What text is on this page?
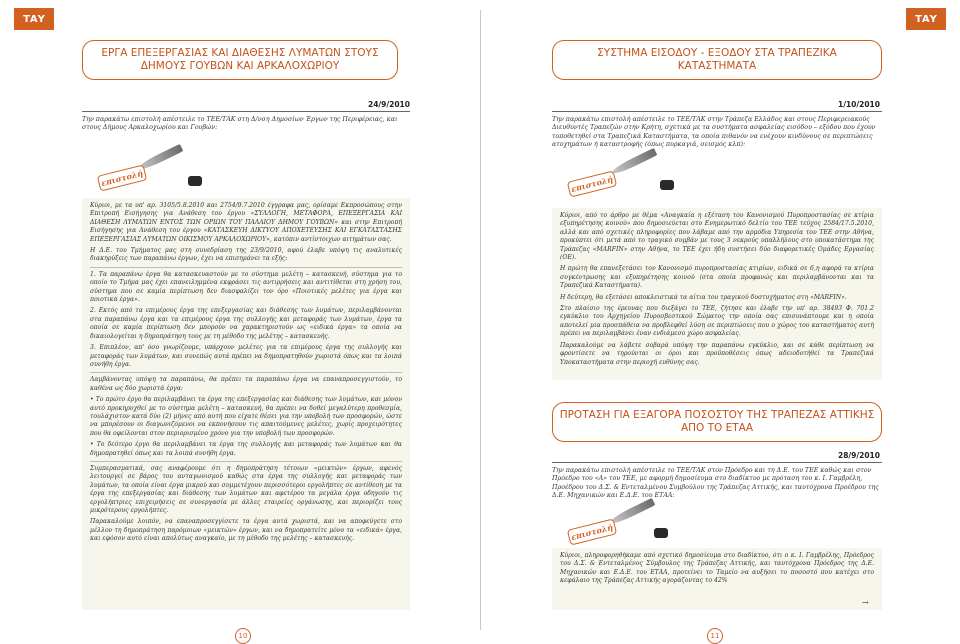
ΤΑΥ	ΤΑΥ
ΕΡΓΑ ΕΠΕΞΕΡΓΑΣΙΑΣ ΚΑΙ ΔΙΑΘΕΣΗΣ ΛΥΜΑΤΩΝ ΣΤΟΥΣ ΔΗΜΟΥΣ ΓΟΥΒΩΝ ΚΑΙ ΑΡΚΑΛΟΧΩΡΙΟΥ
24/9/2010
Την παρακάτω επιστολή απέστειλε το ΤΕΕ/ΤΑΚ στη Δ/νση Δημοσίων Έργων της Περιφέρειας, και στους Δήμους Αρκαλοχωρίου και Γουβών:
επιστολή

Κύριοι, με τα υπ' αρ. 3105/5.8.2010 και 2754/9.7.2010 έγγραφα μας, ορίσαμε Εκπροσώπους στην Επιτροπή Εισήγησης για Ανάθεση του έργου «ΣΥΛΛΟΓΗ, ΜΕΤΑΦΟΡΑ, ΕΠΕΞΕΡΓΑΣΙΑ ΚΑΙ ΔΙΑΘΕΣΗ ΛΥΜΑΤΩΝ ΕΝΤΟΣ ΤΩΝ ΟΡΙΩΝ ΤΟΥ ΠΑΛΑΙΟΥ ΔΗΜΟΥ ΓΟΥΒΩΝ» και στην Επιτροπή Εισήγησης για Ανάθεση του έργου «ΚΑΤΑΣΚΕΥΗ ΔΙΚΤΥΟΥ ΑΠΟΧΕΤΕΥΣΗΣ ΚΑΙ ΕΓΚΑΤΑΣΤΑΣΗΣ ΕΠΕΞΕΡΓΑΣΙΑΣ ΛΥΜΑΤΩΝ ΟΙΚΙΣΜΟΥ ΑΡΚΑΛΟΧΩΡΙΟΥ», κατόπιν αντίστοιχων αιτημάτων σας.

Η Δ.Ε. του Τμήματος μας στη συνεδρίαση της 23/9/2010, αφού έλαβε υπόψη τις αναλυτικές διακηρύξεις των παραπάνω έργων, έχει να επισημάνει τα εξής:

1. Τα παραπάνω έργα θα κατασκευαστούν με το σύστημα μελέτη – κατασκευή, σύστημα για το οποίο το Τμήμα μας έχει επανειλημμένα εκφράσει τις αντιρρήσεις και αντιτίθεται στη χρήση του, σύστημα που σε καμία περίπτωση δεν διασφαλίζει τον όρο «Ποιοτικές μελέτες για έργα και ποιοτικά έργα».

2. Εκτός από τα επιμέρους έργα της επεξεργασίας και διάθεσης των λυμάτων, περιλαμβάνονται στα παραπάνω έργα και τα επιμέρους έργα της συλλογής και μεταφοράς των λυμάτων, έργα τα οποία σε καμία περίπτωση δεν μπορούν να χαρακτηριστούν ως «ειδικά έργα» τα οποία να δικαιολογείται η δημοπράτηση τους με τη μέθοδο της μελέτης – κατασκευής.

3. Επιπλέον, απ' όσο γνωρίζουμε, υπάρχουν μελέτες για τα επιμέρους έργα της συλλογής και μεταφοράς των λυμάτων, και συνεπώς αυτά πρέπει να δημοπρατηθούν χωριστά όπως και τα λοιπά συνήθη έργα.

Λαμβάνοντας υπόψη τα παραπάνω, θα πρέπει τα παραπάνω έργα να επαναπροσεγγιστούν, το καθένα ως δύο χωριστά έργα:

• Το πρώτο έργο θα περιλαμβάνει τα έργα της επεξεργασίας και διάθεσης των λυμάτων, και μόνον αυτό προκηρυχθεί με το σύστημα μελέτη – κατασκευή, θα πρέπει να δοθεί μεγαλύτερη προθεσμία, τουλάχιστον κατά δύο (2) μήνες από αυτή που είχατε θέσει για την υποβολή των προσφορών, ώστε να μπορέσουν οι διαγωνιζόμενοι να εκπονήσουν τις απαιτούμενες μελέτες, χωρίς προχειρότητες που θα οφείλονται στον περιορισμένο χρόνο για την υποβολή των προσφορών.

• Το δεύτερο έργο θα περιλαμβάνει τα έργα της συλλογής και μεταφοράς των λυμάτων και θα δημοπρατηθεί όπως και τα λοιπά συνήθη έργα.

Συμπερασματικά, σας αναφέρουμε ότι η δημοπράτηση τέτοιων «μεικτών» έργων, αφενός λειτουργεί σε βάρος του ανταγωνισμού καθώς στα έργα της συλλογής και μεταφοράς των λυμάτων, τα οποία είναι έργα μικρού και συμμετέχουν περισσότεροι εργολήπτες σε αντίθεση με τα έργα της επεξεργασίας και διάθεσης των λυμάτων και αφετέρου τα μεγάλα έργα οδηγούν τις εργολήπτριες επιχειρήσεις σε συνεργασία με άλλες εταιρείες οργάνωσης, και περιορίζει τους μικρότερους εργολήπτες.

Παρακαλούμε λοιπόν, να επαναπροσεγγίσετε τα έργα αυτά χωριστά, και να αποφεύγετε στο μέλλον τη δημοπράτηση παρόμοιων «μεικτών» έργων, και να δημοπρατείτε μόνο τα «ειδικά» έργα, και εφόσον αυτό είναι απολύτως αναγκαίο, με τη μέθοδο της μελέτης – κατασκευής.

10
ΣΥΣΤΗΜΑ ΕΙΣΟΔΟΥ - ΕΞΟΔΟΥ ΣΤΑ ΤΡΑΠΕΖΙΚΑ ΚΑΤΑΣΤΗΜΑΤΑ
1/10/2010
Την παρακάτω επιστολή απέστειλε το ΤΕΕ/ΤΑΚ στην Τράπεζα Ελλάδος και στους Περιφερειακούς Διευθυντές Τραπεζών στην Κρήτη, σχετικά με τα συστήματα ασφαλείας εισόδου – εξόδου που έχουν τοποθετηθεί στα Τραπεζικά Καταστήματα, τα οποία πιθανόν να ενέχουν κινδύνους σε περιπτώσεις ατυχημάτων ή καταστροφής (όπως πυρκαγιά, σεισμός κλπ):
επιστολή

Κύριοι, από το άρθρο με θέμα «Αναγκαία η εξέταση του Κανονισμού Πυροπροστασίας σε κτίρια εξυπηρέτησης κοινού» που δημοσιεύεται στο Ενημερωτικό δελτίο του ΤΕΕ τεύχος 2584/17.5.2010, αλλά και από σχετικές πληροφορίες που λάβαμε από την αρμόδια Υπηρεσία του ΤΕΕ στην Αθήνα, προκύπτει ότι μετά από το τραγικό συμβάν με τους 3 νεκρούς υπαλλήλους στο υποκατάστημα της Τράπεζας «MARFIN» στην Αθήνα, το ΤΕΕ έχει ήδη συστήσει δύο διαφορετικές Ομάδες Εργασίας (ΟΕ).

Η πρώτη θα επανεξετάσει τον Κανονισμό πυροπροστασίας κτιρίων, ειδικά σε 6,η αφορά τα κτίρια συγκέντρωσης και εξυπηρέτησης κοινού (στα οποία προφανώς και περιλαμβάνονται και τα Τραπεζικά Καταστήματα).

Η δεύτερη, θα εξετάσει αποκλειστικά τα αίτια του τραγικού δυστυχήματος στη «MARFIN».

Στο πλαίσιο της έρευνας που διεξάγει το ΤΕΕ, ζήτησε και έλαβε την υπ' αρ. 38493 Φ. 701.2 εγκύκλιο του Αρχηγείου Πυροσβεστικού Σώματος την οποία σας επισυνάπτουμε και η οποία αποτελεί μια προσπάθεια να προβλεφθεί λύση σε περιπτώσεις που ο χώρος του καταστήματος αυτή πρέπει να περιλαμβάνει έναν ενδιάμεσο χώρο ασφαλείας.

Παρακαλούμε να λάβετε σοβαρά υπόψη την παραπάνω εγκύκλιο, και σε κάθε περίπτωση να φροντίσετε να τηρούνται οι όροι και προϋποθέσεις όπως αδειοδοτήθεί τα Τραπεζικά Υποκαταστήματα στην περιοχή ευθύνης σας.

ΠΡΟΤΑΣΗ ΓΙΑ ΕΞΑΓΟΡΑ ΠΟΣΟΣΤΟΥ ΤΗΣ ΤΡΑΠΕΖΑΣ ΑΤΤΙΚΗΣ ΑΠΟ ΤΟ ΕΤΑΑ
28/9/2010
Την παρακάτω επιστολή απέστειλε το ΤΕΕ/ΤΑΚ στον Πρόεδρο και τη Δ.Ε. του ΤΕΕ καθώς και στον Πρόεδρο του «Α» του ΤΕΕ, με αφορμή δημοσίευμα στο διαδίκτυο με πρόταση του κ. Ι. Γαμβρέλη, Προέδρου του Δ.Σ. & Εντεταλμένου Συμβούλου της Τράπεζας Αττικής, και ταυτόχρονα Προέδρου της Δ.Ε. Μηχανικών και Ε.Δ.Ε. του ΕΤΑΑ:
επιστολή

Κύριοι, πληροφορηθήκαμε από σχετικό δημοσίευμα στο διαδίκτυο, ότι ο κ. Ι. Γαμβρέλης, Πρόεδρος του Δ.Σ. & Εντεταλμένος Σύμβουλος της Τράπεζας Αττικής, και ταυτόχρονα Πρόεδρος της Δ.Ε. Μηχανικών και Ε.Δ.Ε. του ΕΤΑΑ, προτείνει το Ταμείο να αυξήσει το ποσοστό που κατέχει στο κεφάλαιο της Τράπεζας Αττικής αγοράζοντας το 42%

→
11
